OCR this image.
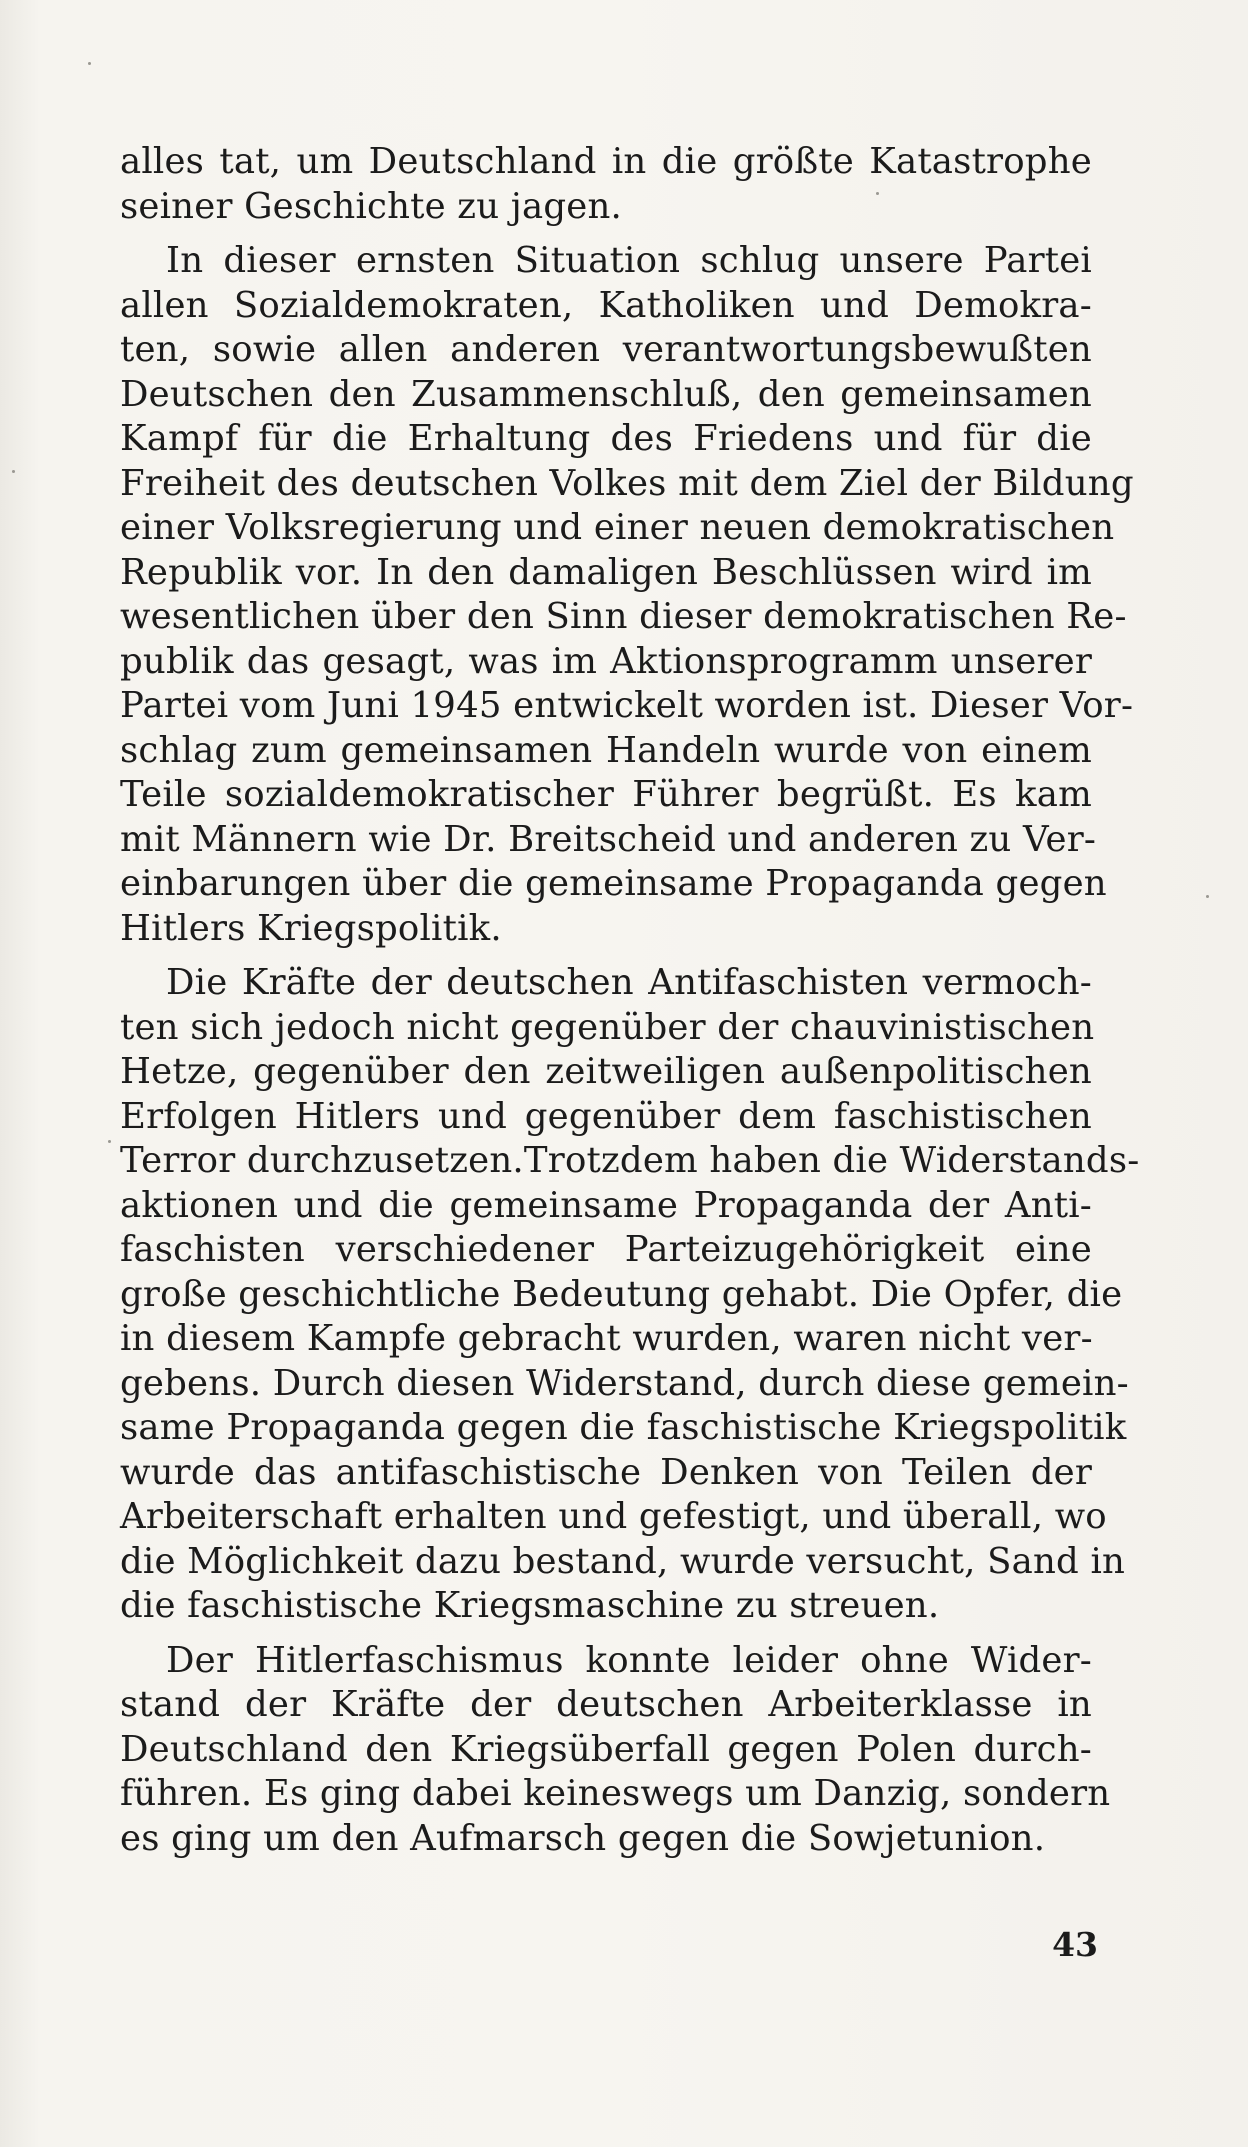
alles tat, um Deutschland in die größte Katastrophe
seiner Geschichte zu jagen.
In dieser ernsten Situation schlug unsere Partei
allen Sozialdemokraten, Katholiken und Demokra-
ten, sowie allen anderen verantwortungsbewußten
Deutschen den Zusammenschluß, den gemeinsamen
Kampf für die Erhaltung des Friedens und für die
Freiheit des deutschen Volkes mit dem Ziel der Bildung
einer Volksregierung und einer neuen demokratischen
Republik vor. In den damaligen Beschlüssen wird im
wesentlichen über den Sinn dieser demokratischen Re-
publik das gesagt, was im Aktionsprogramm unserer
Partei vom Juni 1945 entwickelt worden ist. Dieser Vor-
schlag zum gemeinsamen Handeln wurde von einem
Teile sozialdemokratischer Führer begrüßt. Es kam
mit Männern wie Dr. Breitscheid und anderen zu Ver-
einbarungen über die gemeinsame Propaganda gegen
Hitlers Kriegspolitik.
Die Kräfte der deutschen Antifaschisten vermoch-
ten sich jedoch nicht gegenüber der chauvinistischen
Hetze, gegenüber den zeitweiligen außenpolitischen
Erfolgen Hitlers und gegenüber dem faschistischen
Terror durchzusetzen.Trotzdem haben die Widerstands-
aktionen und die gemeinsame Propaganda der Anti-
faschisten verschiedener Parteizugehörigkeit eine
große geschichtliche Bedeutung gehabt. Die Opfer, die
in diesem Kampfe gebracht wurden, waren nicht ver-
gebens. Durch diesen Widerstand, durch diese gemein-
same Propaganda gegen die faschistische Kriegspolitik
wurde das antifaschistische Denken von Teilen der
Arbeiterschaft erhalten und gefestigt, und überall, wo
die Möglichkeit dazu bestand, wurde versucht, Sand in
die faschistische Kriegsmaschine zu streuen.
Der Hitlerfaschismus konnte leider ohne Wider-
stand der Kräfte der deutschen Arbeiterklasse in
Deutschland den Kriegsüberfall gegen Polen durch-
führen. Es ging dabei keineswegs um Danzig, sondern
es ging um den Aufmarsch gegen die Sowjetunion.
43
